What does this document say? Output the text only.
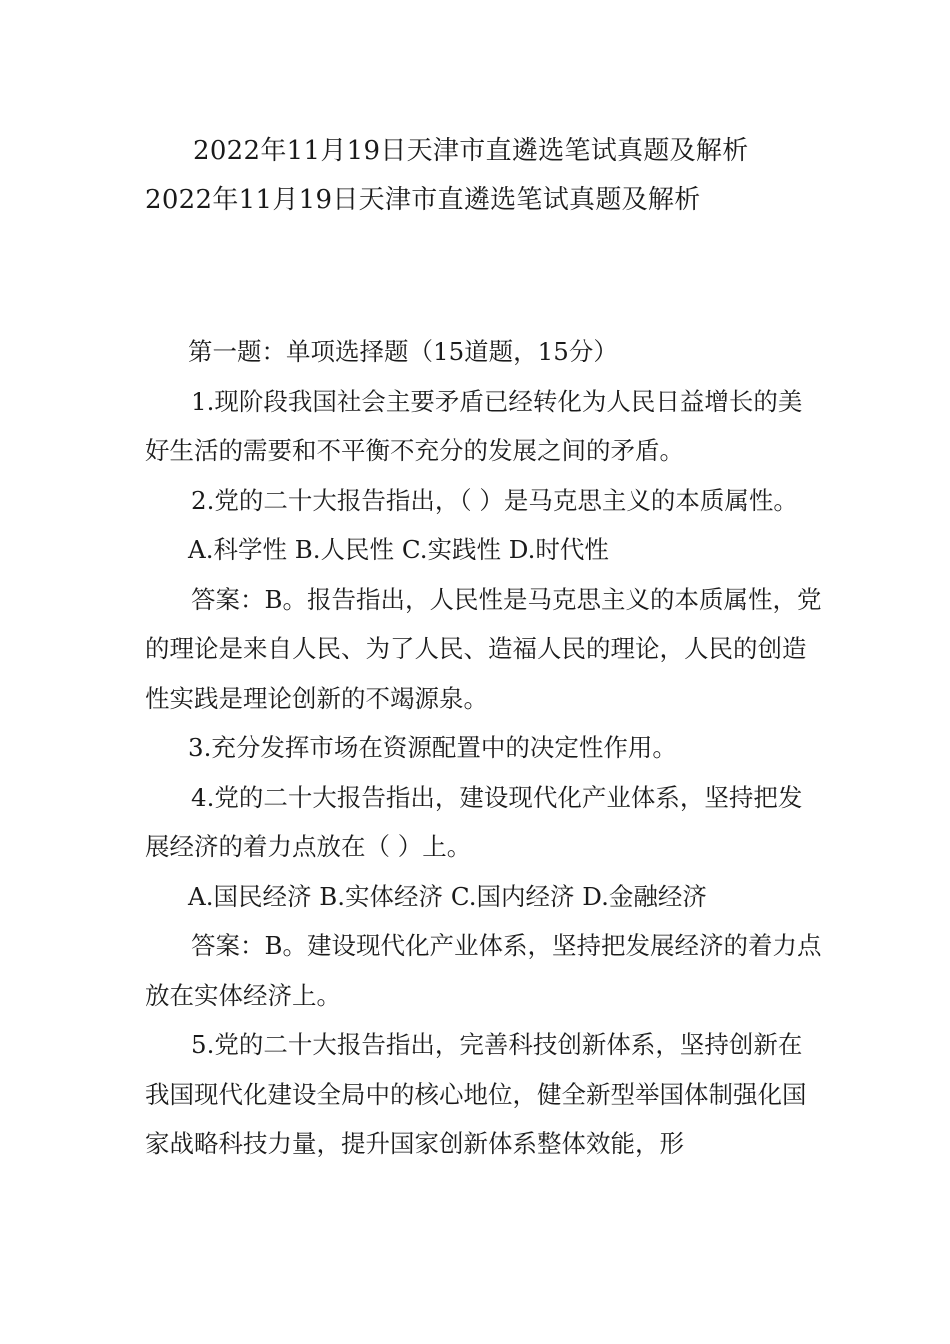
2022年11月19日天津市直遴选笔试真题及解析
2022年11月19日天津市直遴选笔试真题及解析

第一题：单项选择题（15道题，15分）

1.现阶段我国社会主要矛盾已经转化为人民日益增长的美好生活的需要和不平衡不充分的发展之间的矛盾。

2.党的二十大报告指出，（ ）是马克思主义的本质属性。

A.科学性 B.人民性 C.实践性 D.时代性

答案：B。报告指出，人民性是马克思主义的本质属性，党的理论是来自人民、为了人民、造福人民的理论，人民的创造性实践是理论创新的不竭源泉。

3.充分发挥市场在资源配置中的决定性作用。

4.党的二十大报告指出，建设现代化产业体系，坚持把发展经济的着力点放在（ ）上。

A.国民经济 B.实体经济 C.国内经济 D.金融经济

答案：B。建设现代化产业体系，坚持把发展经济的着力点放在实体经济上。

5.党的二十大报告指出，完善科技创新体系，坚持创新在我国现代化建设全局中的核心地位，健全新型举国体制强化国家战略科技力量，提升国家创新体系整体效能，形
